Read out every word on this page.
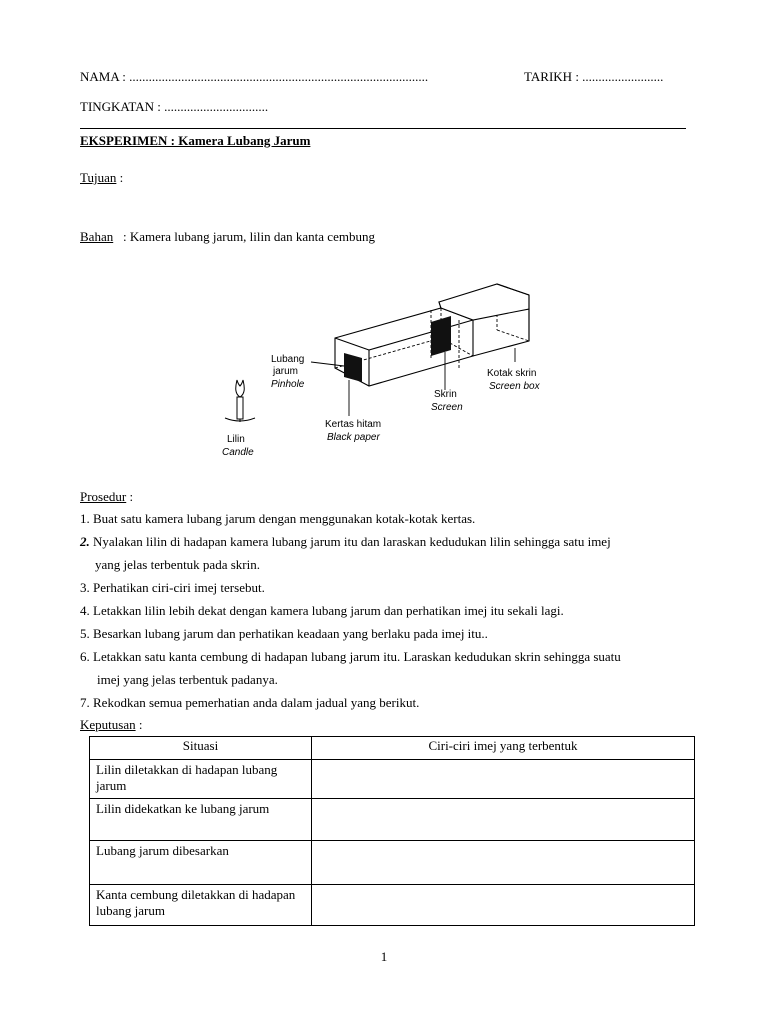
NAMA : ............................................................................................	TARIKH : .........................
TINGKATAN : ................................
EKSPERIMEN : Kamera Lubang Jarum
Tujuan :
Bahan   : Kamera lubang jarum, lilin dan kanta cembung
Lubang
jarum
Pinhole
Skrin
Screen
Kotak skrin
Screen box
Kertas hitam
Black paper
Lilin
Candle
Prosedur :
1. Buat satu kamera lubang jarum dengan menggunakan kotak-kotak kertas.
2. Nyalakan lilin di hadapan kamera lubang jarum itu dan laraskan kedudukan lilin sehingga satu imej
yang jelas terbentuk pada skrin.
3. Perhatikan ciri-ciri imej tersebut.
4. Letakkan lilin lebih dekat dengan kamera lubang jarum dan perhatikan imej itu sekali lagi.
5. Besarkan lubang jarum dan perhatikan keadaan yang berlaku pada imej itu..
6. Letakkan satu kanta cembung di hadapan lubang jarum itu. Laraskan kedudukan skrin sehingga suatu
imej yang jelas terbentuk padanya.
7. Rekodkan semua pemerhatian anda dalam jadual yang berikut.
Keputusan :
Situasi	Ciri-ciri imej yang terbentuk
Lilin diletakkan di hadapan lubang jarum	
Lilin didekatkan ke lubang jarum	
Lubang jarum dibesarkan	
Kanta cembung diletakkan di hadapan lubang jarum	
1
